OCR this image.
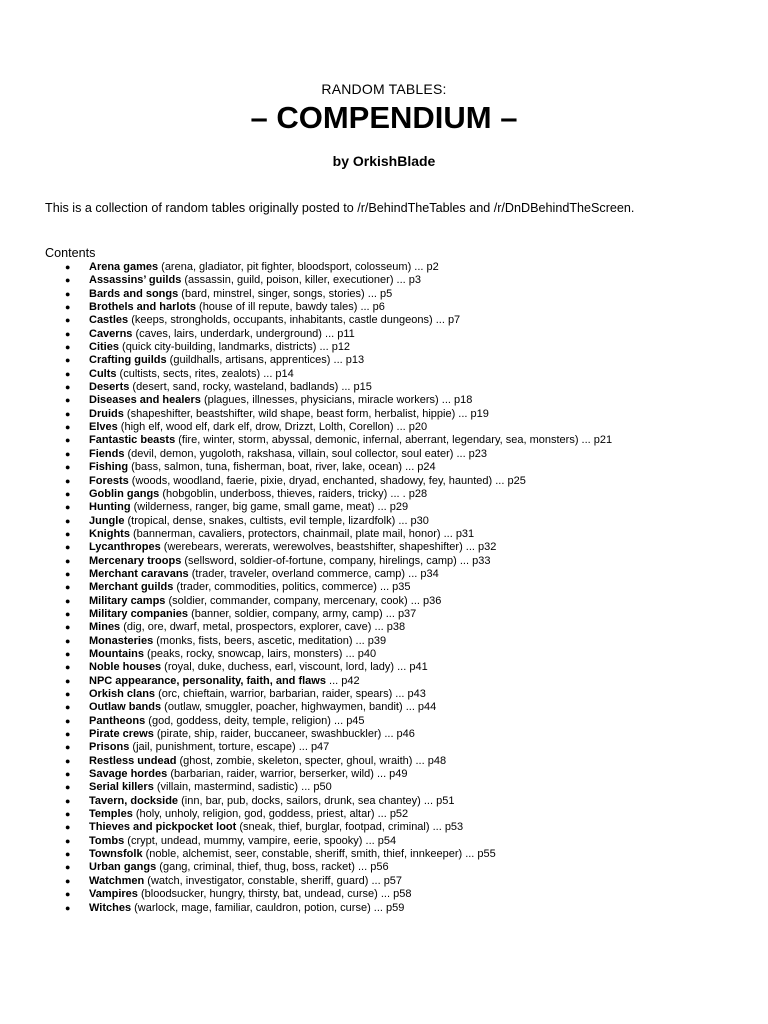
RANDOM TABLES:
– COMPENDIUM –
by OrkishBlade
This is a collection of random tables originally posted to /r/BehindTheTables and /r/DnDBehindTheScreen.
Contents
● Arena games (arena, gladiator, pit fighter, bloodsport, colosseum) ... p2
● Assassins’ guilds (assassin, guild, poison, killer, executioner) ... p3
● Bards and songs (bard, minstrel, singer, songs, stories) ... p5
● Brothels and harlots (house of ill repute, bawdy tales) ... p6
● Castles (keeps, strongholds, occupants, inhabitants, castle dungeons) ... p7
● Caverns (caves, lairs, underdark, underground) ... p11
● Cities (quick city-building, landmarks, districts) ... p12
● Crafting guilds (guildhalls, artisans, apprentices) ... p13
● Cults (cultists, sects, rites, zealots) ... p14
● Deserts (desert, sand, rocky, wasteland, badlands) ... p15
● Diseases and healers (plagues, illnesses, physicians, miracle workers) ... p18
● Druids (shapeshifter, beastshifter, wild shape, beast form, herbalist, hippie) ... p19
● Elves (high elf, wood elf, dark elf, drow, Drizzt, Lolth, Corellon) ... p20
● Fantastic beasts (fire, winter, storm, abyssal, demonic, infernal, aberrant, legendary, sea, monsters) ... p21
● Fiends (devil, demon, yugoloth, rakshasa, villain, soul collector, soul eater) ... p23
● Fishing (bass, salmon, tuna, fisherman, boat, river, lake, ocean) ... p24
● Forests (woods, woodland, faerie, pixie, dryad, enchanted, shadowy, fey, haunted) ... p25
● Goblin gangs (hobgoblin, underboss, thieves, raiders, tricky) ... . p28
● Hunting (wilderness, ranger, big game, small game, meat) ... p29
● Jungle (tropical, dense, snakes, cultists, evil temple, lizardfolk) ... p30
● Knights (bannerman, cavaliers, protectors, chainmail, plate mail, honor) ... p31
● Lycanthropes (werebears, wererats, werewolves, beastshifter, shapeshifter) ... p32
● Mercenary troops (sellsword, soldier-of-fortune, company, hirelings, camp) ... p33
● Merchant caravans (trader, traveler, overland commerce, camp) ... p34
● Merchant guilds (trader, commodities, politics, commerce) ... p35
● Military camps (soldier, commander, company, mercenary, cook) ... p36
● Military companies (banner, soldier, company, army, camp) ... p37
● Mines (dig, ore, dwarf, metal, prospectors, explorer, cave) ... p38
● Monasteries (monks, fists, beers, ascetic, meditation) ... p39
● Mountains (peaks, rocky, snowcap, lairs, monsters) ... p40
● Noble houses (royal, duke, duchess, earl, viscount, lord, lady) ... p41
● NPC appearance, personality, faith, and flaws ... p42
● Orkish clans (orc, chieftain, warrior, barbarian, raider, spears) ... p43
● Outlaw bands (outlaw, smuggler, poacher, highwaymen, bandit) ... p44
● Pantheons (god, goddess, deity, temple, religion) ... p45
● Pirate crews (pirate, ship, raider, buccaneer, swashbuckler) ... p46
● Prisons (jail, punishment, torture, escape) ... p47
● Restless undead (ghost, zombie, skeleton, specter, ghoul, wraith) ... p48
● Savage hordes (barbarian, raider, warrior, berserker, wild) ... p49
● Serial killers (villain, mastermind, sadistic) ... p50
● Tavern, dockside (inn, bar, pub, docks, sailors, drunk, sea chantey) ... p51
● Temples (holy, unholy, religion, god, goddess, priest, altar) ... p52
● Thieves and pickpocket loot (sneak, thief, burglar, footpad, criminal) ... p53
● Tombs (crypt, undead, mummy, vampire, eerie, spooky) ... p54
● Townsfolk (noble, alchemist, seer, constable, sheriff, smith, thief, innkeeper) ... p55
● Urban gangs (gang, criminal, thief, thug, boss, racket) ... p56
● Watchmen (watch, investigator, constable, sheriff, guard) ... p57
● Vampires (bloodsucker, hungry, thirsty, bat, undead, curse) ... p58
● Witches (warlock, mage, familiar, cauldron, potion, curse) ... p59
